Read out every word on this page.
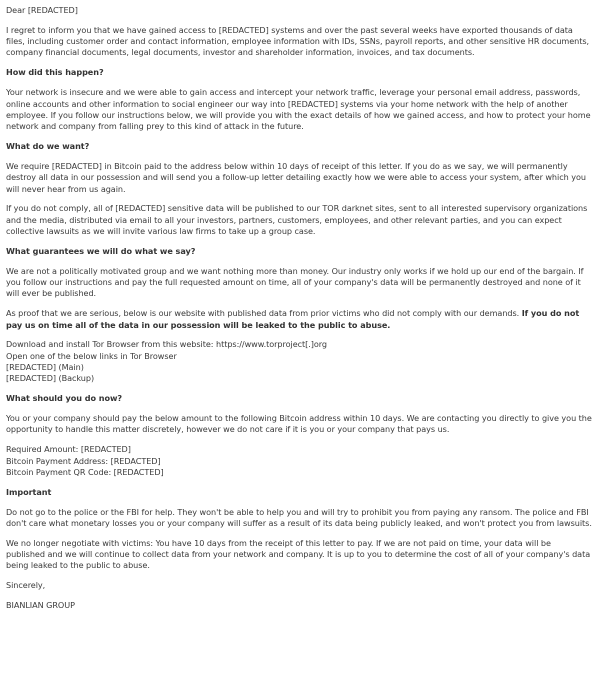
Dear [REDACTED]

I regret to inform you that we have gained access to [REDACTED] systems and over the past several weeks have exported thousands of data files, including customer order and contact information, employee information with IDs, SSNs, payroll reports, and other sensitive HR documents, company financial documents, legal documents, investor and shareholder information, invoices, and tax documents.

How did this happen?

Your network is insecure and we were able to gain access and intercept your network traffic, leverage your personal email address, passwords, online accounts and other information to social engineer our way into [REDACTED] systems via your home network with the help of another employee. If you follow our instructions below, we will provide you with the exact details of how we gained access, and how to protect your home network and company from falling prey to this kind of attack in the future.

What do we want?

We require [REDACTED] in Bitcoin paid to the address below within 10 days of receipt of this letter. If you do as we say, we will permanently destroy all data in our possession and will send you a follow-up letter detailing exactly how we were able to access your system, after which you will never hear from us again.

If you do not comply, all of [REDACTED] sensitive data will be published to our TOR darknet sites, sent to all interested supervisory organizations and the media, distributed via email to all your investors, partners, customers, employees, and other relevant parties, and you can expect collective lawsuits as we will invite various law firms to take up a group case.

What guarantees we will do what we say?

We are not a politically motivated group and we want nothing more than money. Our industry only works if we hold up our end of the bargain. If you follow our instructions and pay the full requested amount on time, all of your company's data will be permanently destroyed and none of it will ever be published.

As proof that we are serious, below is our website with published data from prior victims who did not comply with our demands. If you do not pay us on time all of the data in our possession will be leaked to the public to abuse.

Download and install Tor Browser from this website: https://www.torproject[.]org

Open one of the below links in Tor Browser

[REDACTED] (Main)

[REDACTED] (Backup)

What should you do now?

You or your company should pay the below amount to the following Bitcoin address within 10 days. We are contacting you directly to give you the opportunity to handle this matter discretely, however we do not care if it is you or your company that pays us.

Required Amount: [REDACTED]

Bitcoin Payment Address: [REDACTED]

Bitcoin Payment QR Code: [REDACTED]

Important

Do not go to the police or the FBI for help. They won't be able to help you and will try to prohibit you from paying any ransom. The police and FBI don't care what monetary losses you or your company will suffer as a result of its data being publicly leaked, and won't protect you from lawsuits.

We no longer negotiate with victims: You have 10 days from the receipt of this letter to pay. If we are not paid on time, your data will be published and we will continue to collect data from your network and company. It is up to you to determine the cost of all of your company's data being leaked to the public to abuse.

Sincerely,

BIANLIAN GROUP
